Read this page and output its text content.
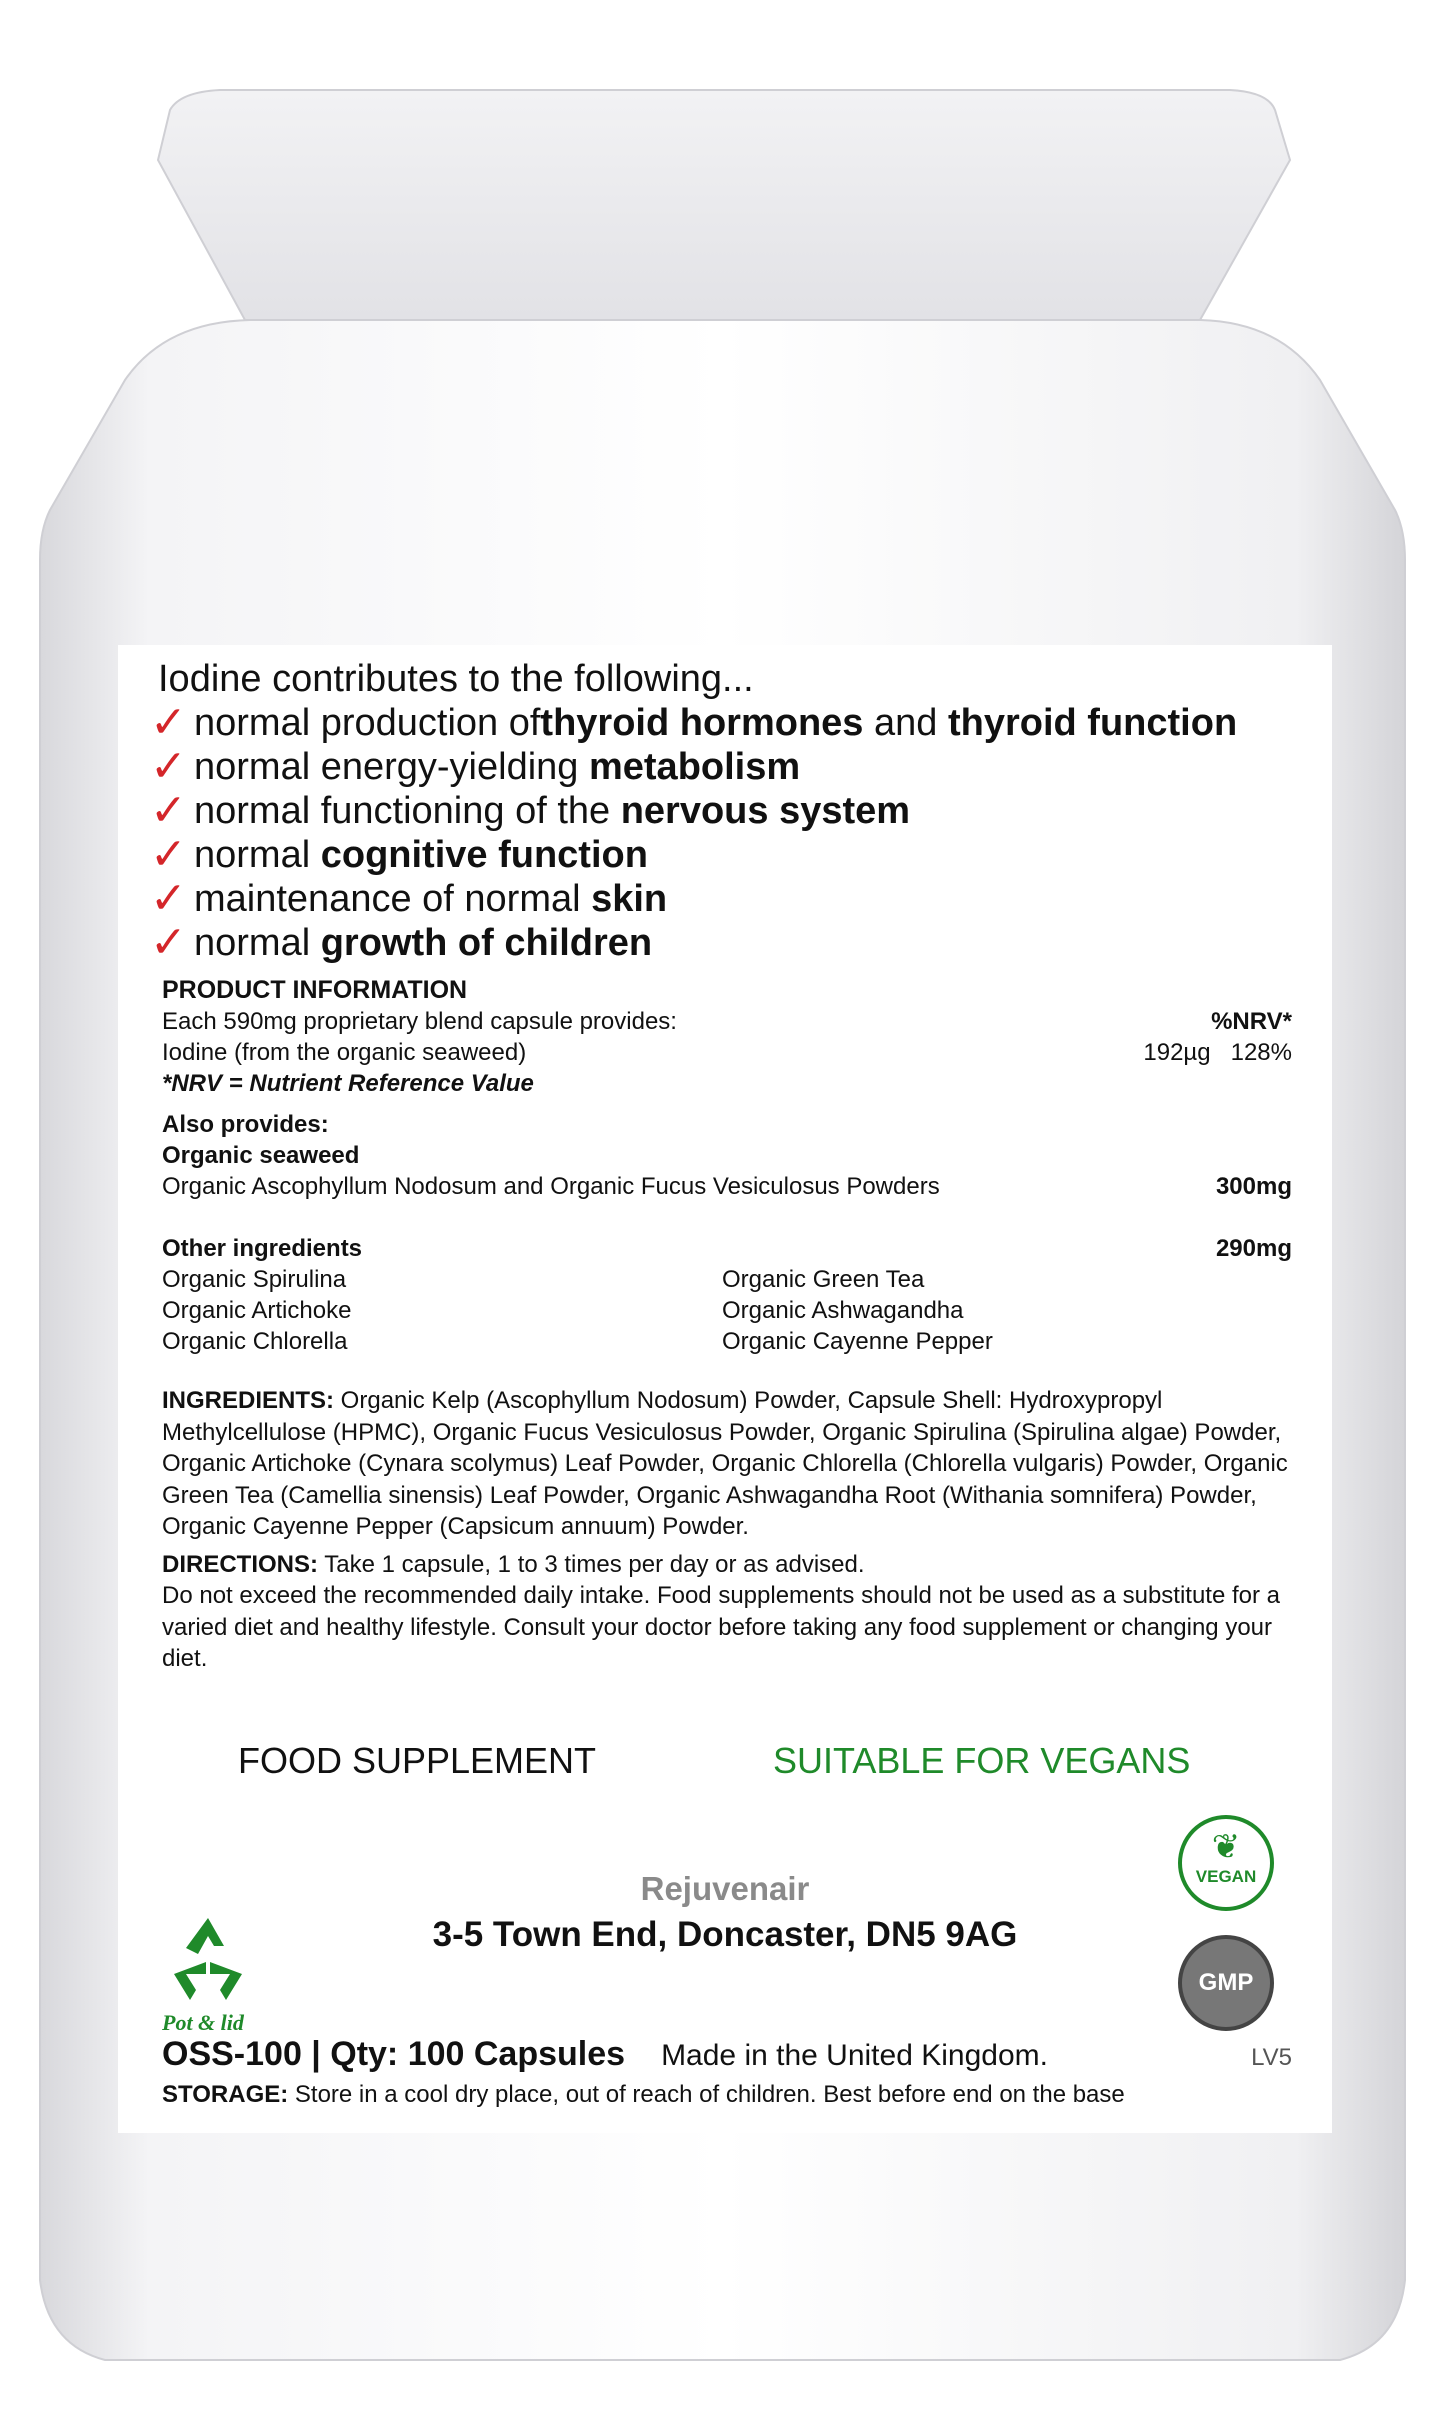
Iodine contributes to the following...
✓ normal production of thyroid hormones and thyroid function
✓ normal energy-yielding metabolism
✓ normal functioning of the nervous system
✓ normal cognitive function
✓ maintenance of normal skin
✓ normal growth of children
PRODUCT INFORMATION
Each 590mg proprietary blend capsule provides:	%NRV*
Iodine (from the organic seaweed)	192µg 128%
*NRV = Nutrient Reference Value
Also provides:
Organic seaweed
Organic Ascophyllum Nodosum and Organic Fucus Vesiculosus Powders	300mg
Other ingredients	290mg
Organic Spirulina	Organic Green Tea
Organic Artichoke	Organic Ashwagandha
Organic Chlorella	Organic Cayenne Pepper
INGREDIENTS: Organic Kelp (Ascophyllum Nodosum) Powder, Capsule Shell: Hydroxypropyl Methylcellulose (HPMC), Organic Fucus Vesiculosus Powder, Organic Spirulina (Spirulina algae) Powder, Organic Artichoke (Cynara scolymus) Leaf Powder, Organic Chlorella (Chlorella vulgaris) Powder, Organic Green Tea (Camellia sinensis) Leaf Powder, Organic Ashwagandha Root (Withania somnifera) Powder, Organic Cayenne Pepper (Capsicum annuum) Powder.
DIRECTIONS: Take 1 capsule, 1 to 3 times per day or as advised.
Do not exceed the recommended daily intake. Food supplements should not be used as a substitute for a varied diet and healthy lifestyle. Consult your doctor before taking any food supplement or changing your diet.
FOOD SUPPLEMENT	SUITABLE FOR VEGANS
❦
VEGAN
GMP
Rejuvenair
3-5 Town End, Doncaster, DN5 9AG
Pot & lid
OSS-100 | Qty: 100 Capsules Made in the United Kingdom.	LV5
STORAGE: Store in a cool dry place, out of reach of children. Best before end on the base
